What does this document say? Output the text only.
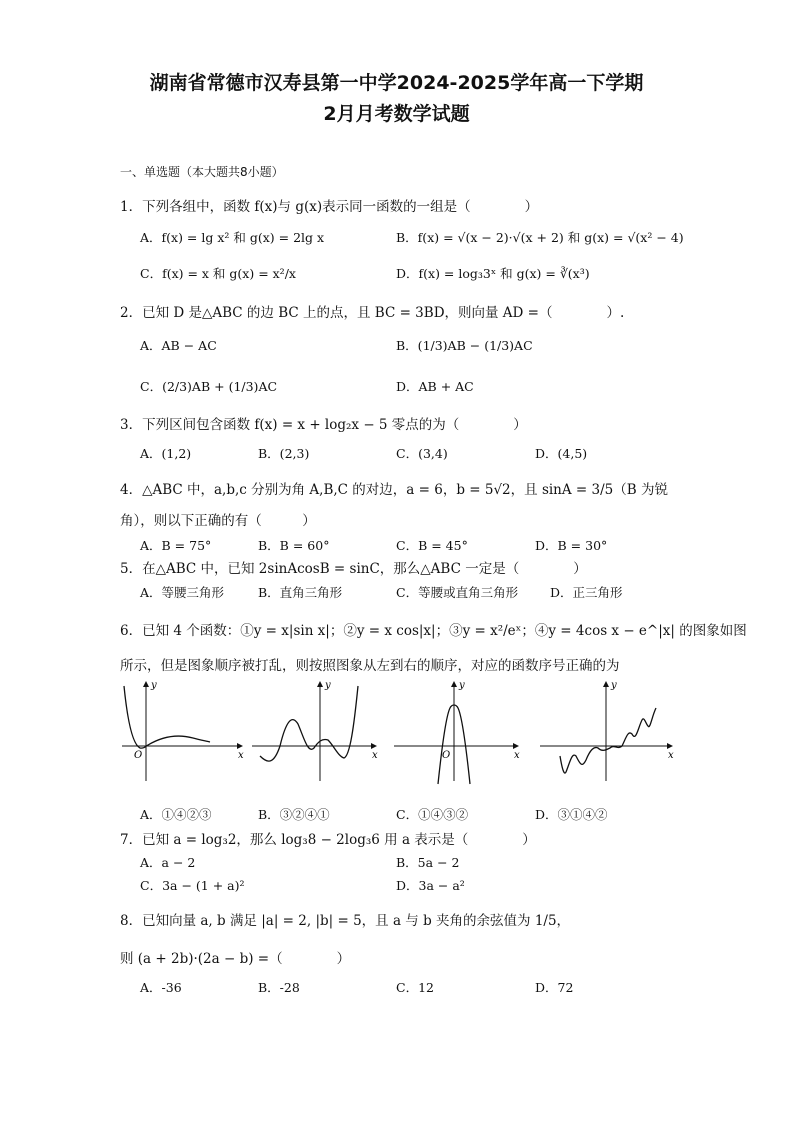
湖南省常德市汉寿县第一中学2024-2025学年高一下学期
2月月考数学试题
一、单选题（本大题共8小题）
1．下列各组中，函数 f(x)与 g(x)表示同一函数的一组是（　　　　）
A．f(x) = lg x² 和 g(x) = 2lg x	B．f(x) = √(x − 2)·√(x + 2) 和 g(x) = √(x² − 4)
C．f(x) = x 和 g(x) = x²/x	D．f(x) = log₃3ˣ 和 g(x) = ∛(x³)
2．已知 D 是△ABC 的边 BC 上的点，且 BC = 3BD，则向量 AD =（　　　　）.
A．AB − AC	B．(1/3)AB − (1/3)AC
C．(2/3)AB + (1/3)AC	D．AB + AC
3．下列区间包含函数 f(x) = x + log₂x − 5 零点的为（　　　　）
A．(1,2)	B．(2,3)	C．(3,4)	D．(4,5)
4．△ABC 中，a,b,c 分别为角 A,B,C 的对边，a = 6，b = 5√2，且 sinA = 3/5（B 为锐
角），则以下正确的有（　　　）
A．B = 75°	B．B = 60°	C．B = 45°	D．B = 30°
5．在△ABC 中，已知 2sinAcosB = sinC，那么△ABC 一定是（　　　　）
A．等腰三角形	B．直角三角形	C．等腰或直角三角形	D．正三角形
6．已知 4 个函数：①y = x|sin x|；②y = x cos|x|；③y = x²/eˣ；④y = 4cos x − e^|x| 的图象如图
所示，但是图象顺序被打乱，则按照图象从左到右的顺序，对应的函数序号正确的为
x
y
O	x
y
x
y
O	x
y
A．①④②③	B．③②④①	C．①④③②	D．③①④②
7．已知 a = log₃2，那么 log₃8 − 2log₃6 用 a 表示是（　　　　）
A．a − 2	B．5a − 2
C．3a − (1 + a)²	D．3a − a²
8．已知向量 a, b 满足 |a| = 2, |b| = 5，且 a 与 b 夹角的余弦值为 1/5，
则 (a + 2b)·(2a − b) =（　　　　）
A．-36	B．-28	C．12	D．72
